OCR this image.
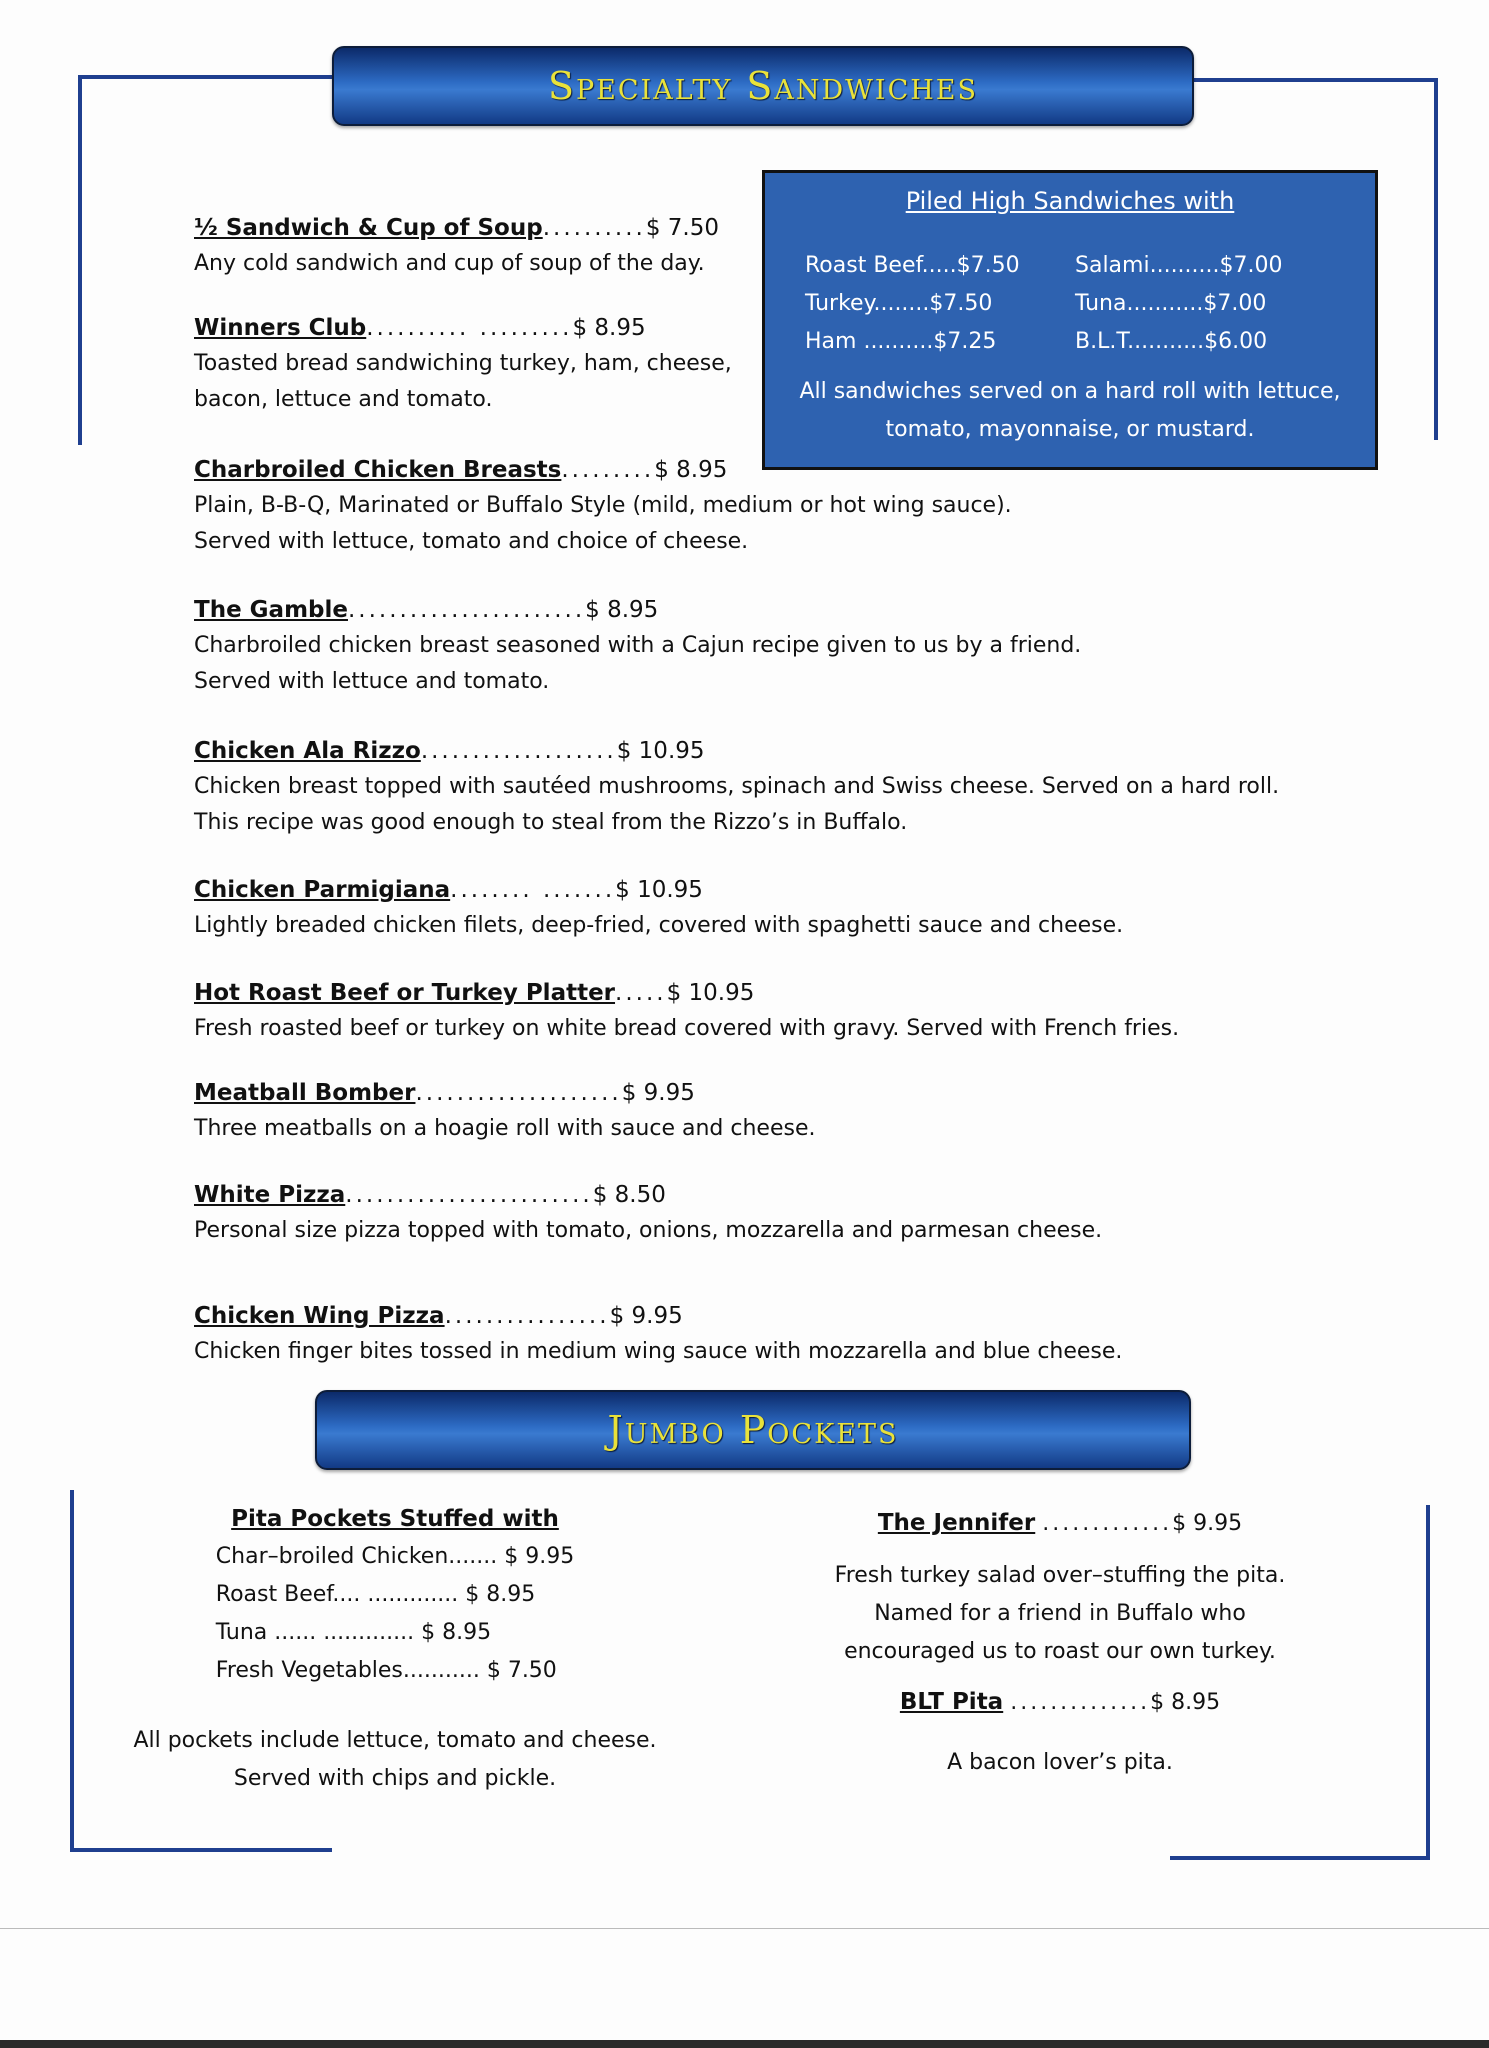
Specialty Sandwiches
½ Sandwich & Cup of Soup..........$ 7.50
Any cold sandwich and cup of soup of the day.
Winners Club.......... .........$ 8.95
Toasted bread sandwiching turkey, ham, cheese,
bacon, lettuce and tomato.
Charbroiled Chicken Breasts.........$ 8.95
Plain, B-B-Q, Marinated or Buffalo Style (mild, medium or hot wing sauce).
Served with lettuce, tomato and choice of cheese.
The Gamble.......................$ 8.95
Charbroiled chicken breast seasoned with a Cajun recipe given to us by a friend.
Served with lettuce and tomato.
Chicken Ala Rizzo...................$ 10.95
Chicken breast topped with sautéed mushrooms, spinach and Swiss cheese. Served on a hard roll.
This recipe was good enough to steal from the Rizzo’s in Buffalo.
Chicken Parmigiana........ .......$ 10.95
Lightly breaded chicken filets, deep-fried, covered with spaghetti sauce and cheese.
Hot Roast Beef or Turkey Platter.....$ 10.95
Fresh roasted beef or turkey on white bread covered with gravy. Served with French fries.
Meatball Bomber....................$ 9.95
Three meatballs on a hoagie roll with sauce and cheese.
White Pizza........................$ 8.50
Personal size pizza topped with tomato, onions, mozzarella and parmesan cheese.
Chicken Wing Pizza................$ 9.95
Chicken finger bites tossed in medium wing sauce with mozzarella and blue cheese.
Piled High Sandwiches with
Roast Beef.....$7.50	Salami..........$7.00
Turkey........$7.50	Tuna...........$7.00
Ham ..........$7.25	B.L.T...........$6.00
All sandwiches served on a hard roll with lettuce,
tomato, mayonnaise, or mustard.
Jumbo Pockets
Pita Pockets Stuffed with
Char–broiled Chicken....... $ 9.95
Roast Beef.... ............. $ 8.95
Tuna ...... ............. $ 8.95
Fresh Vegetables........... $ 7.50
All pockets include lettuce, tomato and cheese.
Served with chips and pickle.
The Jennifer .............$ 9.95
Fresh turkey salad over–stuffing the pita.
Named for a friend in Buffalo who
encouraged us to roast our own turkey.
BLT Pita ..............$ 8.95
A bacon lover’s pita.
